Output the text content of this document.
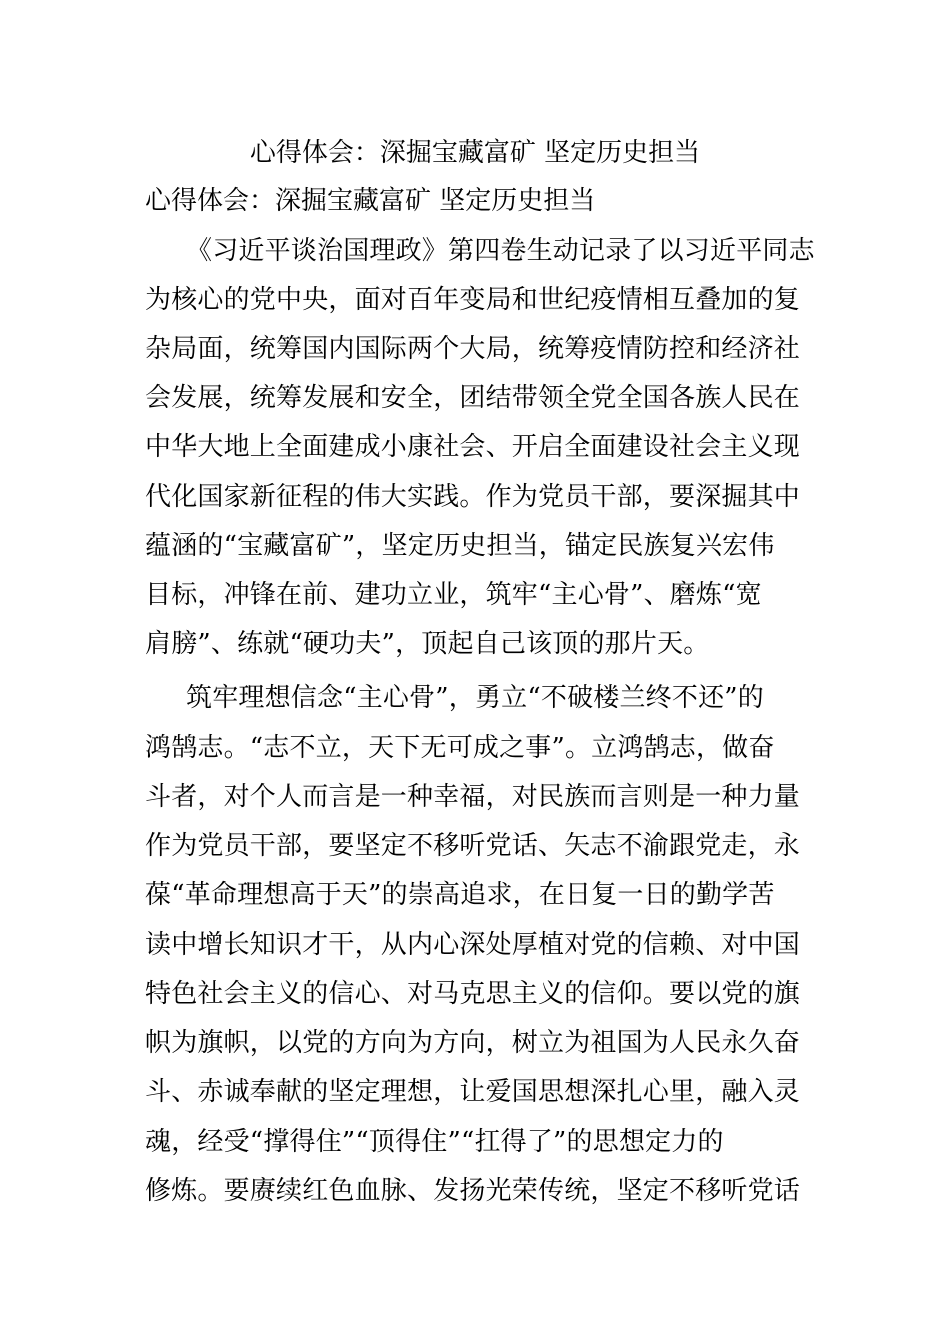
心得体会：深掘宝藏富矿 坚定历史担当
心得体会：深掘宝藏富矿 坚定历史担当
《习近平谈治国理政》第四卷生动记录了以习近平同志
为核心的党中央，面对百年变局和世纪疫情相互叠加的复
杂局面，统筹国内国际两个大局，统筹疫情防控和经济社
会发展，统筹发展和安全，团结带领全党全国各族人民在
中华大地上全面建成小康社会、开启全面建设社会主义现
代化国家新征程的伟大实践。作为党员干部，要深掘其中
蕴涵的“宝藏富矿”，坚定历史担当，锚定民族复兴宏伟
目标，冲锋在前、建功立业，筑牢“主心骨”、磨炼“宽
肩膀”、练就“硬功夫”，顶起自己该顶的那片天。
筑牢理想信念“主心骨”，勇立“不破楼兰终不还”的
鸿鹄志。“志不立，天下无可成之事”。立鸿鹄志，做奋
斗者，对个人而言是一种幸福，对民族而言则是一种力量
作为党员干部，要坚定不移听党话、矢志不渝跟党走，永
葆“革命理想高于天”的崇高追求，在日复一日的勤学苦
读中增长知识才干，从内心深处厚植对党的信赖、对中国
特色社会主义的信心、对马克思主义的信仰。要以党的旗
帜为旗帜，以党的方向为方向，树立为祖国为人民永久奋
斗、赤诚奉献的坚定理想，让爱国思想深扎心里，融入灵
魂，经受“撑得住”“顶得住”“扛得了”的思想定力的
修炼。要赓续红色血脉、发扬光荣传统，坚定不移听党话
